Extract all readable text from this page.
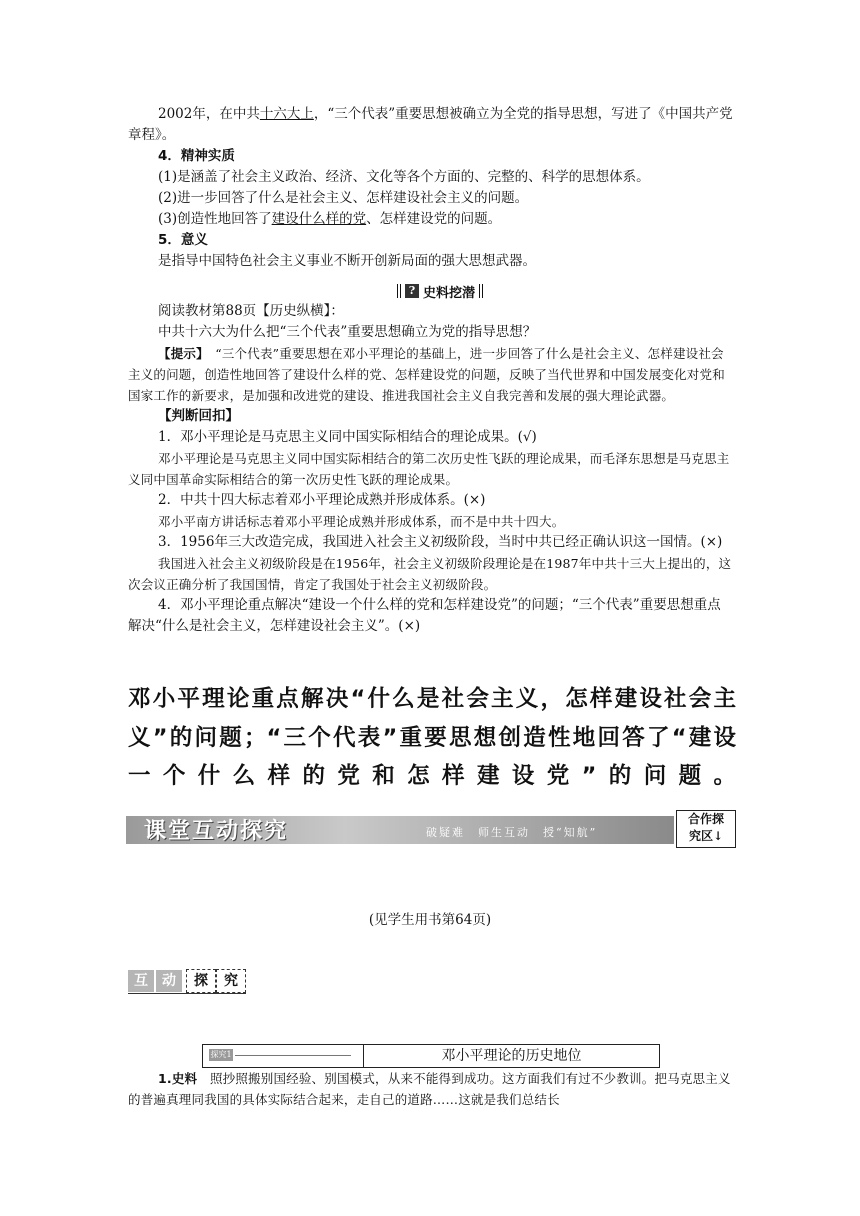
2002年，在中共十六大上，“三个代表”重要思想被确立为全党的指导思想，写进了《中国共产党章程》。

4．精神实质

(1)是涵盖了社会主义政治、经济、文化等各个方面的、完整的、科学的思想体系。

(2)进一步回答了什么是社会主义、怎样建设社会主义的问题。

(3)创造性地回答了建设什么样的党、怎样建设党的问题。

5．意义

是指导中国特色社会主义事业不断开创新局面的强大思想武器。

? 史料挖潜

阅读教材第88页【历史纵横】：

中共十六大为什么把“三个代表”重要思想确立为党的指导思想？

【提示】　 “三个代表”重要思想在邓小平理论的基础上，进一步回答了什么是社会主义、怎样建设社会主义的问题，创造性地回答了建设什么样的党、怎样建设党的问题，反映了当代世界和中国发展变化对党和国家工作的新要求，是加强和改进党的建设、推进我国社会主义自我完善和发展的强大理论武器。

【判断回扣】

1．邓小平理论是马克思主义同中国实际相结合的理论成果。(√)

邓小平理论是马克思主义同中国实际相结合的第二次历史性飞跃的理论成果，而毛泽东思想是马克思主义同中国革命实际相结合的第一次历史性飞跃的理论成果。

2．中共十四大标志着邓小平理论成熟并形成体系。(×)

邓小平南方讲话标志着邓小平理论成熟并形成体系，而不是中共十四大。

3．1956年三大改造完成，我国进入社会主义初级阶段，当时中共已经正确认识这一国情。(×)

我国进入社会主义初级阶段是在1956年，社会主义初级阶段理论是在1987年中共十三大上提出的，这次会议正确分析了我国国情，肯定了我国处于社会主义初级阶段。

4．邓小平理论重点解决“建设一个什么样的党和怎样建设党”的问题；“三个代表”重要思想重点解决“什么是社会主义，怎样建设社会主义”。(×)

邓小平理论重点解决“什么是社会主义，怎样建设社会主

义”的问题；“三个代表”重要思想创造性地回答了“建设

一个什么样的党和怎样建设党”的问题。

课堂互动探究	破疑难　师生互动　授“知航”
合作探
究区↓
(见学生用书第64页)
互	动	探	究
探究1	邓小平理论的历史地位

1.史料　 照抄照搬别国经验、别国模式，从来不能得到成功。这方面我们有过不少教训。把马克思主义的普遍真理同我国的具体实际结合起来，走自己的道路……这就是我们总结长
